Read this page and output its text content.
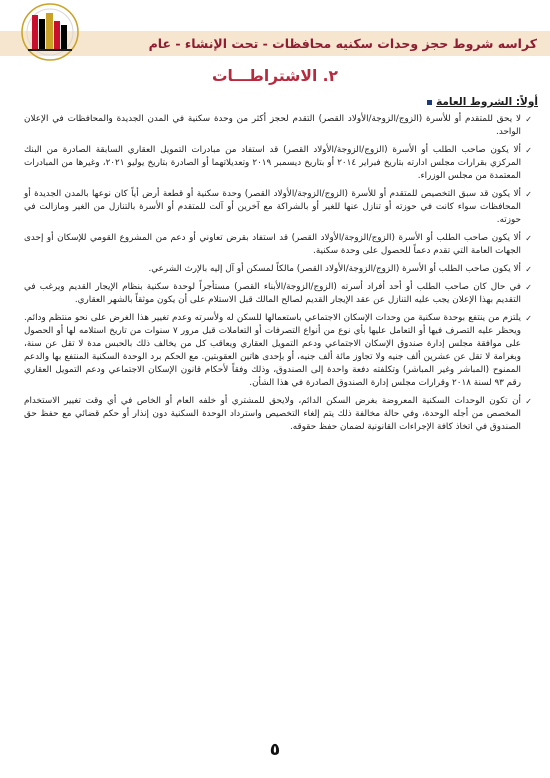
كراسه شروط حجز وحدات سكنيه محافظات - تحت الإنشاء - عام
٢. الاشتراطـــات
أولاً: الشروط العامة
✓
لا يحق للمتقدم أو للأسرة (الزوج/الزوجة/الأولاد القصر) التقدم لحجز أكثر من وحدة سكنية في المدن الجديدة والمحافظات في الإعلان الواحد.
✓
ألا يكون صاحب الطلب أو الأسرة (الزوج/الزوجة/الأولاد القصر) قد استفاد من مبادرات التمويل العقاري السابقة الصادرة من البنك المركزي بقرارات مجلس ادارته بتاريخ فبراير ٢٠١٤ أو بتاريخ ديسمبر ٢٠١٩ وتعديلاتهما أو الصادرة بتاريخ يوليو ٢٠٢١، وغيرها من المبادرات المعتمدة من مجلس الوزراء.
✓
ألا يكون قد سبق التخصيص للمتقدم أو للأسرة (الزوج/الزوجة/الأولاد القصر) وحدة سكنية أو قطعة أرض أياً كان نوعها بالمدن الجديدة أو المحافظات سواء كانت في حوزته أو تنازل عنها للغير أو بالشراكة مع آخرين أو آلت للمتقدم أو الأسرة بالتنازل من الغير ومازالت في حوزته.
✓
ألا يكون صاحب الطلب أو الأسرة (الزوج/الزوجة/الأولاد القصر) قد استفاد بقرض تعاوني أو دعم من المشروع القومي للإسكان أو إحدى الجهات العامة التي تقدم دعماً للحصول على وحدة سكنية.
✓
ألا يكون صاحب الطلب أو الأسرة (الزوج/الزوجة/الأولاد القصر) مالكاً لمسكن أو آل إليه بالإرث الشرعي.
✓
في حال كان صاحب الطلب أو أحد أفراد أسرته (الزوج/الزوجة/الأبناء القصر) مستأجراً لوحدة سكنية بنظام الإيجار القديم ويرغب في التقديم بهذا الإعلان يجب عليه التنازل عن عقد الإيجار القديم لصالح المالك قبل الاستلام على أن يكون موثقاً بالشهر العقاري.
✓
يلتزم من ينتفع بوحدة سكنية من وحدات الإسكان الاجتماعي باستعمالها للسكن له ولأسرته وعدم تغيير هذا الغرض على نحو منتظم ودائم. ويحظر عليه التصرف فيها أو التعامل عليها بأي نوع من أنواع التصرفات أو التعاملات قبل مرور ٧ سنوات من تاريخ استلامه لها أو الحصول على موافقة مجلس إدارة صندوق الإسكان الاجتماعي ودعم التمويل العقاري ويعاقب كل من يخالف ذلك بالحبس مدة لا تقل عن سنة، وبغرامة لا تقل عن عشرين ألف جنيه ولا تجاوز مائة ألف جنيه، أو بإحدى هاتين العقوبتين. مع الحكم برد الوحدة السكنية المنتفع بها والدعم الممنوح (المباشر وغير المباشر) وتكلفته دفعة واحدة إلى الصندوق، وذلك وفقاً لأحكام قانون الإسكان الاجتماعي ودعم التمويل العقاري رقم ٩٣ لسنة ٢٠١٨ وقرارات مجلس إدارة الصندوق الصادرة في هذا الشأن.
✓
أن تكون الوحدات السكنية المعروضة بغرض السكن الدائم، ولايحق للمشتري أو خلفه العام أو الخاص في أي وقت تغيير الاستخدام المخصص من أجله الوحدة، وفي حالة مخالفة ذلك يتم إلغاء التخصيص واسترداد الوحدة السكنية دون إنذار أو حكم قضائي مع حفظ حق الصندوق في اتخاذ كافة الإجراءات القانونية لضمان حفظ حقوقه.
٥
